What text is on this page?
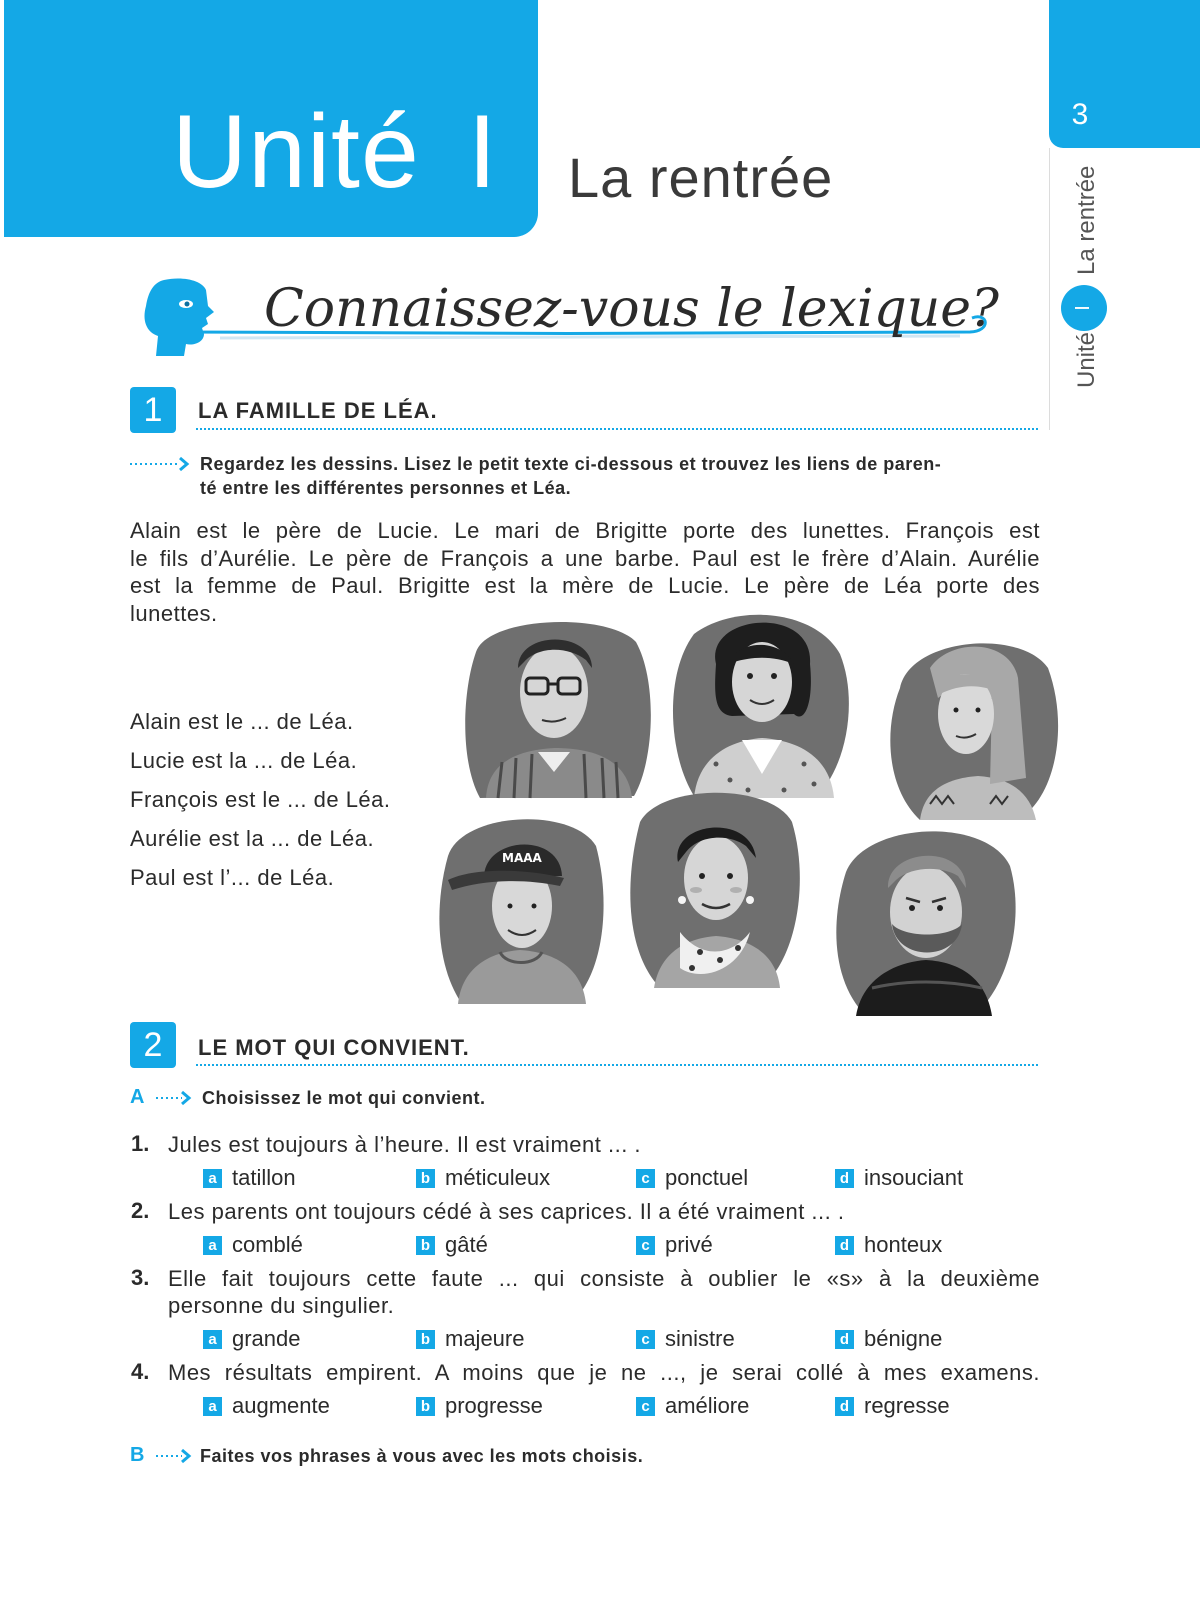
Unité I La rentrée
3
Unité
I
La rentrée
Connaissez-vous le lexique?
1	LA FAMILLE DE LÉA.
Regardez les dessins. Lisez le petit texte ci-dessous et trouvez les liens de paren-
té entre les différentes personnes et Léa.
Alain est le père de Lucie. Le mari de Brigitte porte des lunettes. François est
le fils d’Aurélie. Le père de François a une barbe. Paul est le frère d’Alain. Aurélie
est la femme de Paul. Brigitte est la mère de Lucie. Le père de Léa porte des
lunettes.
Alain est le ... de Léa.
Lucie est la ... de Léa.
François est le ... de Léa.
Aurélie est la ... de Léa.
Paul est l’... de Léa.
MAAA
2	LE MOT QUI CONVIENT.
A	Choisissez le mot qui convient.
1. Jules est toujours à l’heure. Il est vraiment ... .
a tatillon	b méticuleux	c ponctuel	d insouciant
2. Les parents ont toujours cédé à ses caprices. Il a été vraiment ... .
a comblé	b gâté	c privé	d honteux
3. Elle fait toujours cette faute ... qui consiste à oublier le «s» à la deuxième
personne du singulier.
a grande	b majeure	c sinistre	d bénigne
4. Mes résultats empirent. A moins que je ne ..., je serai collé à mes examens.
a augmente	b progresse	c améliore	d regresse
B	Faites vos phrases à vous avec les mots choisis.
